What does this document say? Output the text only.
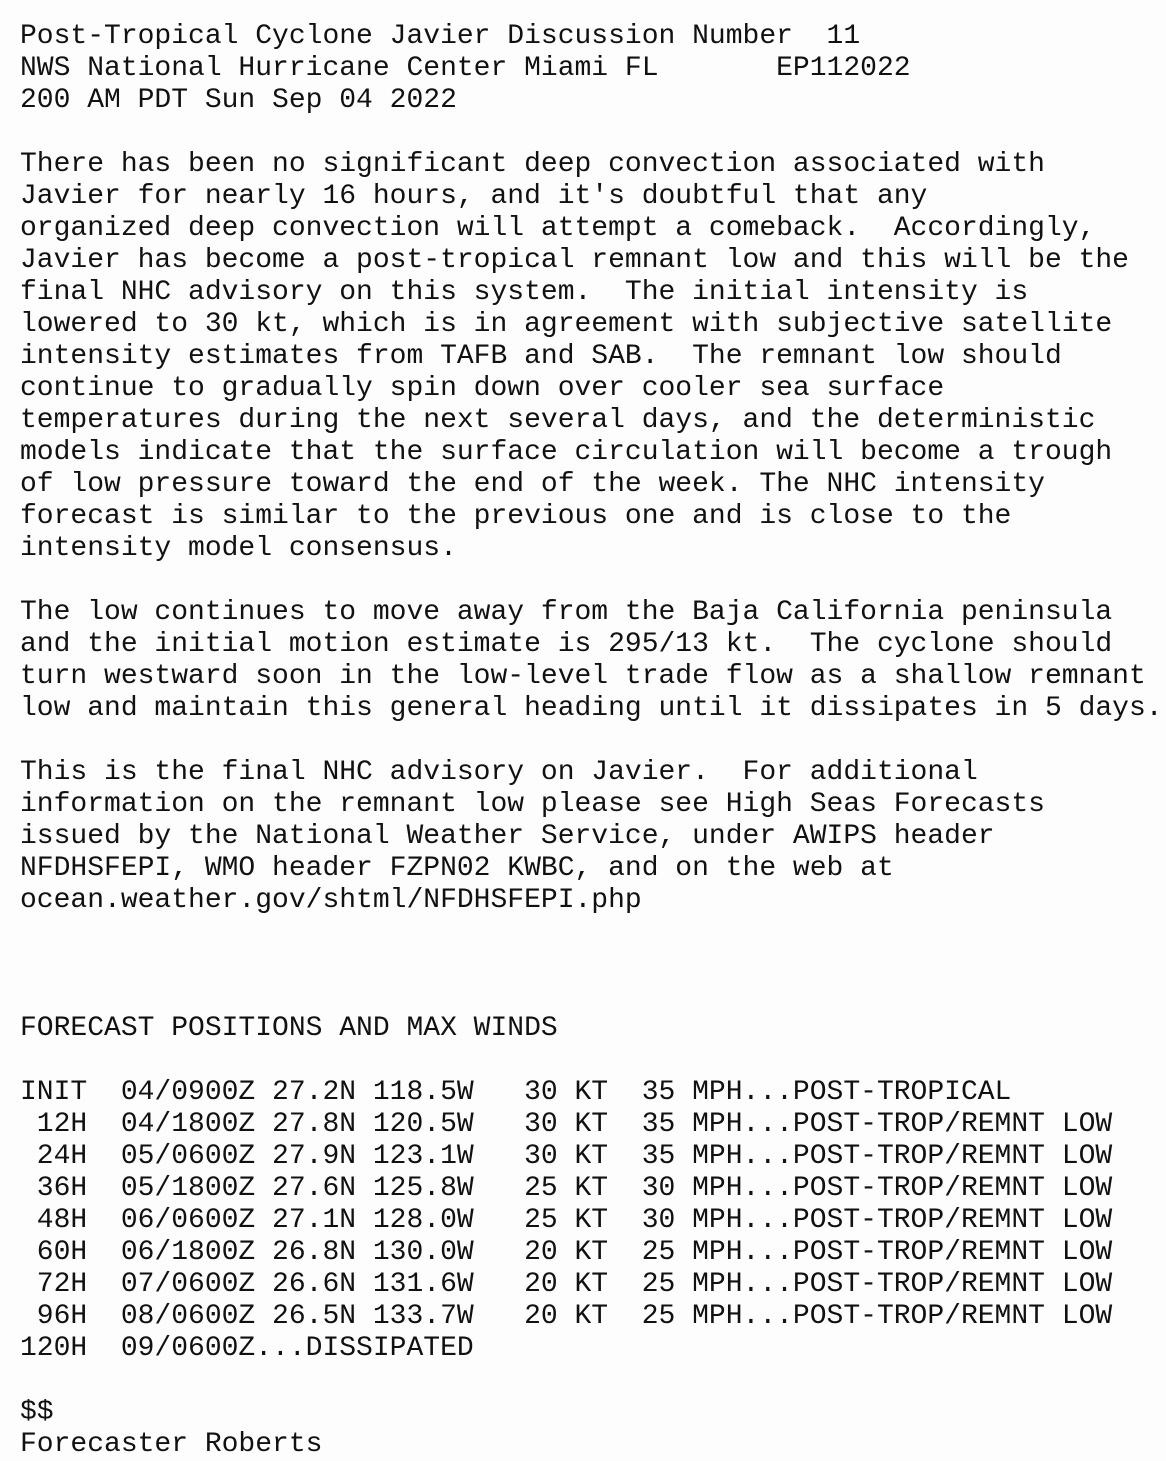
Post-Tropical Cyclone Javier Discussion Number  11
NWS National Hurricane Center Miami FL       EP112022
200 AM PDT Sun Sep 04 2022
There has been no significant deep convection associated with
Javier for nearly 16 hours, and it's doubtful that any
organized deep convection will attempt a comeback.  Accordingly,
Javier has become a post-tropical remnant low and this will be the
final NHC advisory on this system.  The initial intensity is
lowered to 30 kt, which is in agreement with subjective satellite
intensity estimates from TAFB and SAB.  The remnant low should
continue to gradually spin down over cooler sea surface
temperatures during the next several days, and the deterministic
models indicate that the surface circulation will become a trough
of low pressure toward the end of the week. The NHC intensity
forecast is similar to the previous one and is close to the
intensity model consensus.
The low continues to move away from the Baja California peninsula
and the initial motion estimate is 295/13 kt.  The cyclone should
turn westward soon in the low-level trade flow as a shallow remnant
low and maintain this general heading until it dissipates in 5 days.
This is the final NHC advisory on Javier.  For additional
information on the remnant low please see High Seas Forecasts
issued by the National Weather Service, under AWIPS header
NFDHSFEPI, WMO header FZPN02 KWBC, and on the web at
ocean.weather.gov/shtml/NFDHSFEPI.php
FORECAST POSITIONS AND MAX WINDS
INIT  04/0900Z 27.2N 118.5W   30 KT  35 MPH...POST-TROPICAL
12H  04/1800Z 27.8N 120.5W   30 KT  35 MPH...POST-TROP/REMNT LOW
24H  05/0600Z 27.9N 123.1W   30 KT  35 MPH...POST-TROP/REMNT LOW
36H  05/1800Z 27.6N 125.8W   25 KT  30 MPH...POST-TROP/REMNT LOW
48H  06/0600Z 27.1N 128.0W   25 KT  30 MPH...POST-TROP/REMNT LOW
60H  06/1800Z 26.8N 130.0W   20 KT  25 MPH...POST-TROP/REMNT LOW
72H  07/0600Z 26.6N 131.6W   20 KT  25 MPH...POST-TROP/REMNT LOW
96H  08/0600Z 26.5N 133.7W   20 KT  25 MPH...POST-TROP/REMNT LOW
120H  09/0600Z...DISSIPATED
$$
Forecaster Roberts
